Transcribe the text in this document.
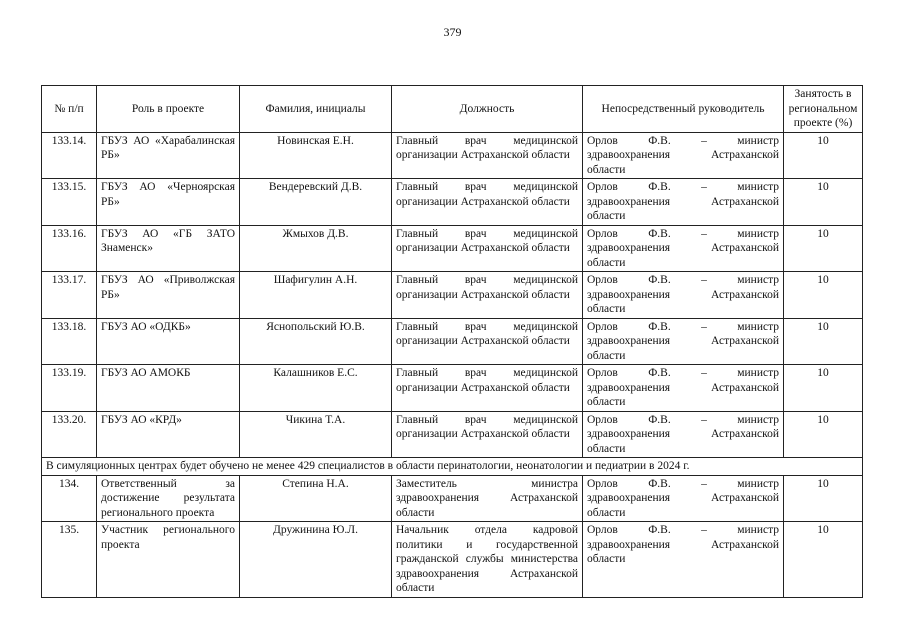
379
№ п/п	Роль в проекте	Фамилия, инициалы	Должность	Непосредственный руководитель	Занятость в региональном проекте (%)
133.14.	ГБУЗ АО «Харабалинская РБ»	Новинская Е.Н.	Главный врач медицинской организации Астраханской области	Орлов Ф.В. – министр здравоохранения Астраханской области	10
133.15.	ГБУЗ АО «Черноярская РБ»	Вендеревский Д.В.	Главный врач медицинской организации Астраханской области	Орлов Ф.В. – министр здравоохранения Астраханской области	10
133.16.	ГБУЗ АО «ГБ ЗАТО Знаменск»	Жмыхов Д.В.	Главный врач медицинской организации Астраханской области	Орлов Ф.В. – министр здравоохранения Астраханской области	10
133.17.	ГБУЗ АО «Приволжская РБ»	Шафигулин А.Н.	Главный врач медицинской организации Астраханской области	Орлов Ф.В. – министр здравоохранения Астраханской области	10
133.18.	ГБУЗ АО «ОДКБ»	Яснопольский Ю.В.	Главный врач медицинской организации Астраханской области	Орлов Ф.В. – министр здравоохранения Астраханской области	10
133.19.	ГБУЗ АО АМОКБ	Калашников Е.С.	Главный врач медицинской организации Астраханской области	Орлов Ф.В. – министр здравоохранения Астраханской области	10
133.20.	ГБУЗ АО «КРД»	Чикина Т.А.	Главный врач медицинской организации Астраханской области	Орлов Ф.В. – министр здравоохранения Астраханской области	10
В симуляционных центрах будет обучено не менее 429 специалистов в области перинатологии, неонатологии и педиатрии в 2024 г.					
134.	Ответственный за достижение результата регионального проекта	Степина Н.А.	Заместитель министра здравоохранения Астраханской области	Орлов Ф.В. – министр здравоохранения Астраханской области	10
135.	Участник регионального проекта	Дружинина Ю.Л.	Начальник отдела кадровой политики и государственной гражданской службы министерства здравоохранения Астраханской области	Орлов Ф.В. – министр здравоохранения Астраханской области	10
